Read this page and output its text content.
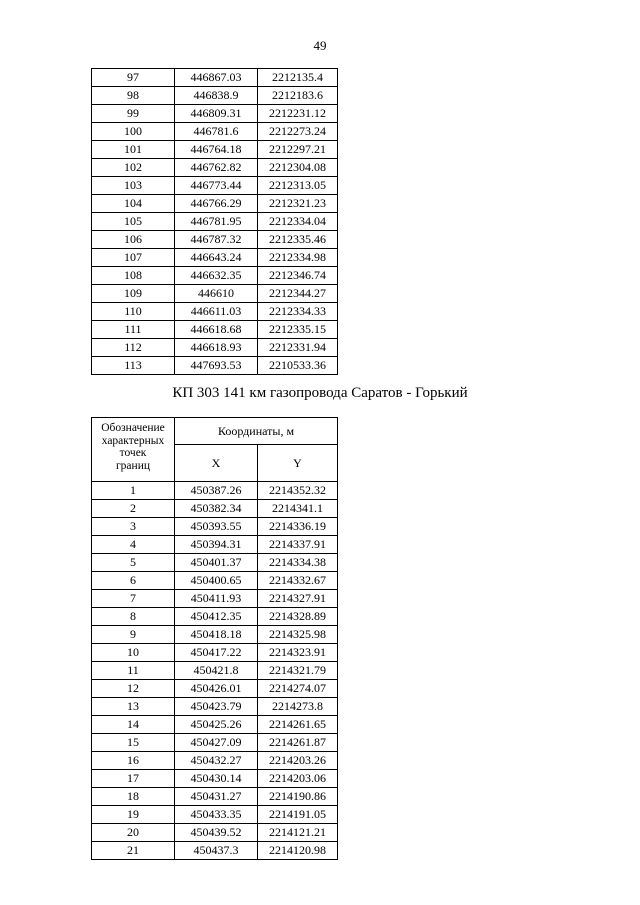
49
97	446867.03	2212135.4
98	446838.9	2212183.6
99	446809.31	2212231.12
100	446781.6	2212273.24
101	446764.18	2212297.21
102	446762.82	2212304.08
103	446773.44	2212313.05
104	446766.29	2212321.23
105	446781.95	2212334.04
106	446787.32	2212335.46
107	446643.24	2212334.98
108	446632.35	2212346.74
109	446610	2212344.27
110	446611.03	2212334.33
111	446618.68	2212335.15
112	446618.93	2212331.94
113	447693.53	2210533.36
КП 303 141 км газопровода Саратов - Горький
Обозначение
характерных
точек
границ	Координаты, м	
	X	Y
1	450387.26	2214352.32
2	450382.34	2214341.1
3	450393.55	2214336.19
4	450394.31	2214337.91
5	450401.37	2214334.38
6	450400.65	2214332.67
7	450411.93	2214327.91
8	450412.35	2214328.89
9	450418.18	2214325.98
10	450417.22	2214323.91
11	450421.8	2214321.79
12	450426.01	2214274.07
13	450423.79	2214273.8
14	450425.26	2214261.65
15	450427.09	2214261.87
16	450432.27	2214203.26
17	450430.14	2214203.06
18	450431.27	2214190.86
19	450433.35	2214191.05
20	450439.52	2214121.21
21	450437.3	2214120.98
